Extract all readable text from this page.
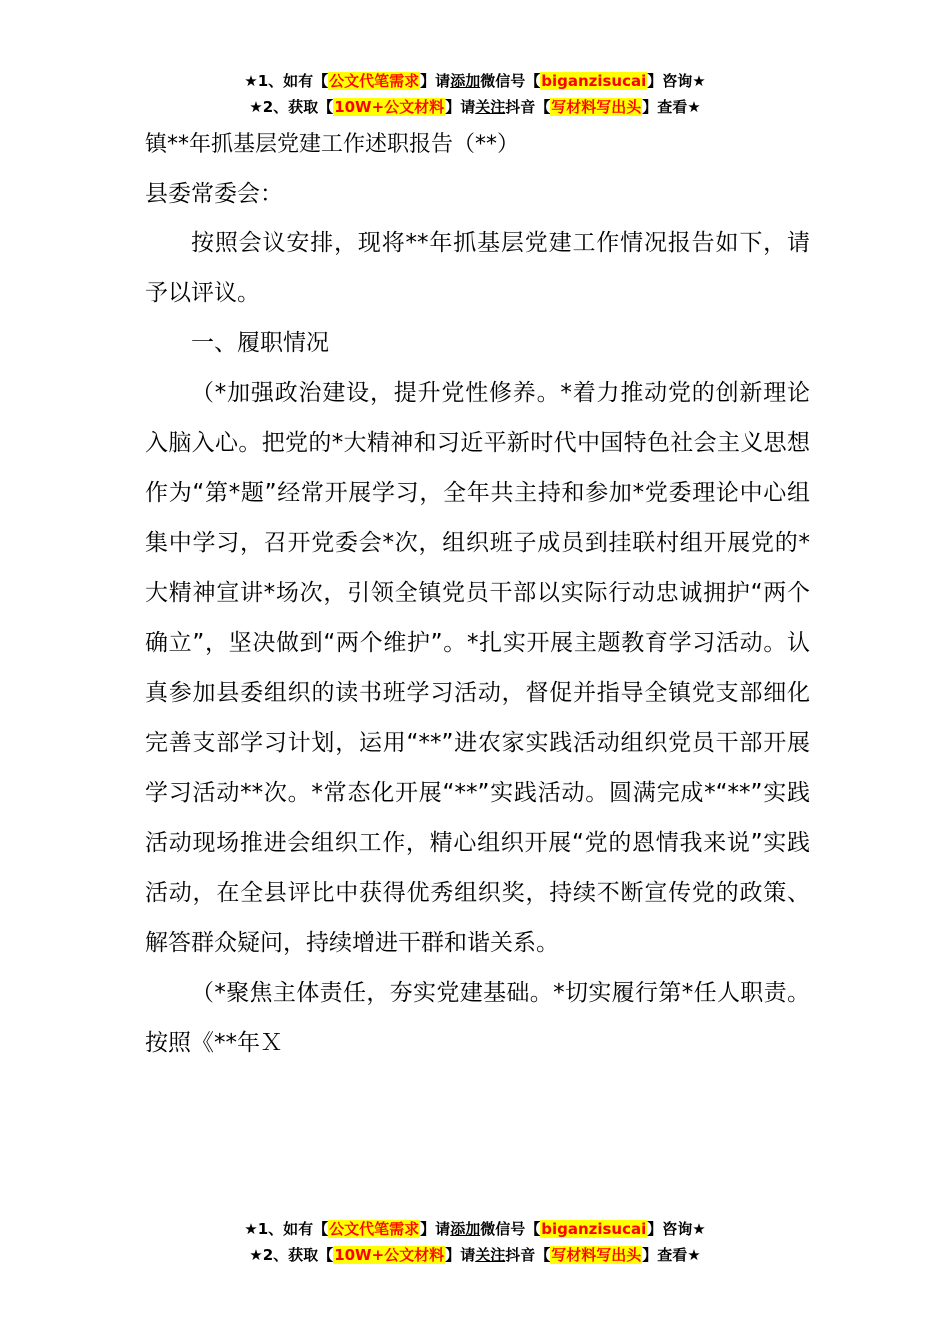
★1、如有【公文代笔需求】请添加微信号【biganzisucai】咨询★
★2、获取【10W+公文材料】请关注抖音【写材料写出头】查看★
镇**年抓基层党建工作述职报告（**）
县委常委会：

按照会议安排，现将**年抓基层党建工作情况报告如下，请予以评议。

一、履职情况

（*加强政治建设，提升党性修养。*着力推动党的创新理论入脑入心。把党的*大精神和习近平新时代中国特色社会主义思想作为“第*题”经常开展学习，全年共主持和参加*党委理论中心组集中学习，召开党委会*次，组织班子成员到挂联村组开展党的*大精神宣讲*场次，引领全镇党员干部以实际行动忠诚拥护“两个确立”，坚决做到“两个维护”。*扎实开展主题教育学习活动。认真参加县委组织的读书班学习活动，督促并指导全镇党支部细化完善支部学习计划，运用“**”进农家实践活动组织党员干部开展学习活动**次。*常态化开展“**”实践活动。圆满完成*“**”实践活动现场推进会组织工作，精心组织开展“党的恩情我来说”实践活动，在全县评比中获得优秀组织奖，持续不断宣传党的政策、解答群众疑问，持续增进干群和谐关系。

（*聚焦主体责任，夯实党建基础。*切实履行第*任人职责。按照《**年Ｘ

★1、如有【公文代笔需求】请添加微信号【biganzisucai】咨询★
★2、获取【10W+公文材料】请关注抖音【写材料写出头】查看★
